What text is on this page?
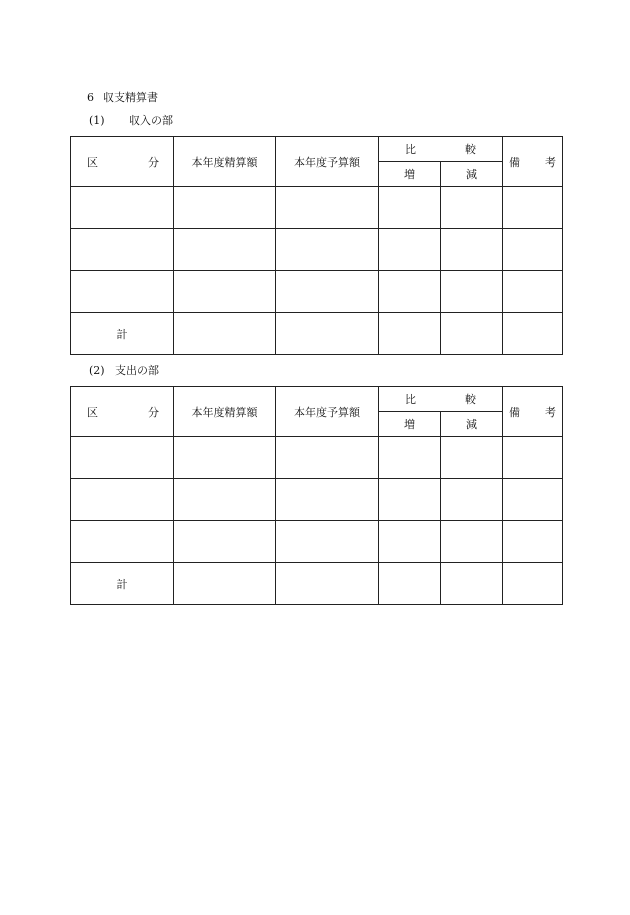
6 収支精算書
(1) 収入の部
区 分	本年度精算額	本年度予算額	比 較		備 考

			増	減	

計					
(2) 支出の部
区 分	本年度精算額	本年度予算額	比 較		備 考

			増	減	

計					
